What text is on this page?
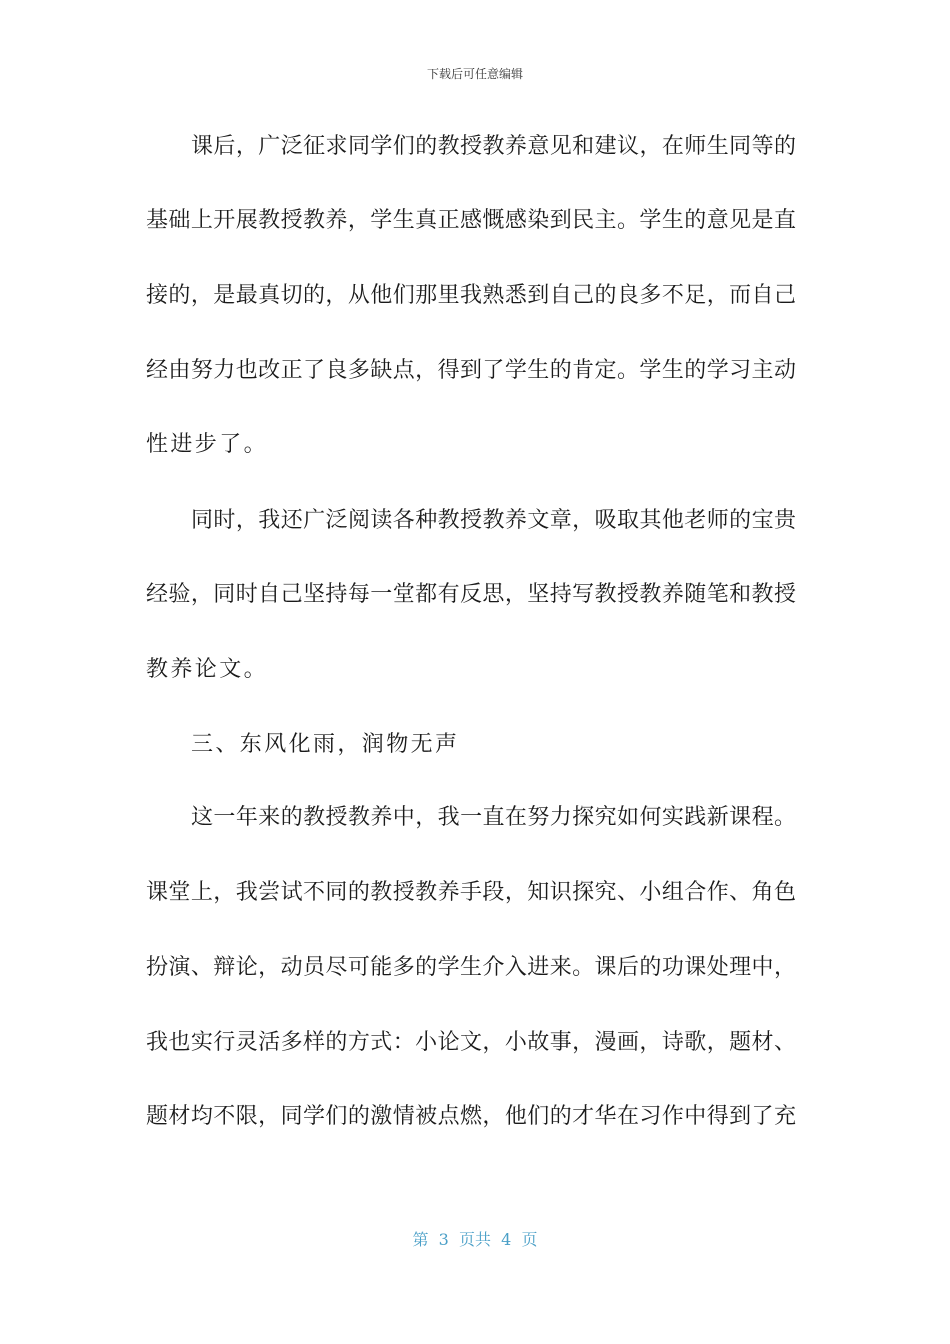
下载后可任意编辑
课后，广泛征求同学们的教授教养意见和建议，在师生同等的
基础上开展教授教养，学生真正感慨感染到民主。学生的意见是直
接的，是最真切的，从他们那里我熟悉到自己的良多不足，而自己
经由努力也改正了良多缺点，得到了学生的肯定。学生的学习主动
性进步了。
同时，我还广泛阅读各种教授教养文章，吸取其他老师的宝贵
经验，同时自己坚持每一堂都有反思，坚持写教授教养随笔和教授
教养论文。
三、东风化雨，润物无声
这一年来的教授教养中，我一直在努力探究如何实践新课程。
课堂上，我尝试不同的教授教养手段，知识探究、小组合作、角色
扮演、辩论，动员尽可能多的学生介入进来。课后的功课处理中，
我也实行灵活多样的方式：小论文，小故事，漫画，诗歌，题材、
题材均不限，同学们的激情被点燃，他们的才华在习作中得到了充
第  3  页共  4  页
